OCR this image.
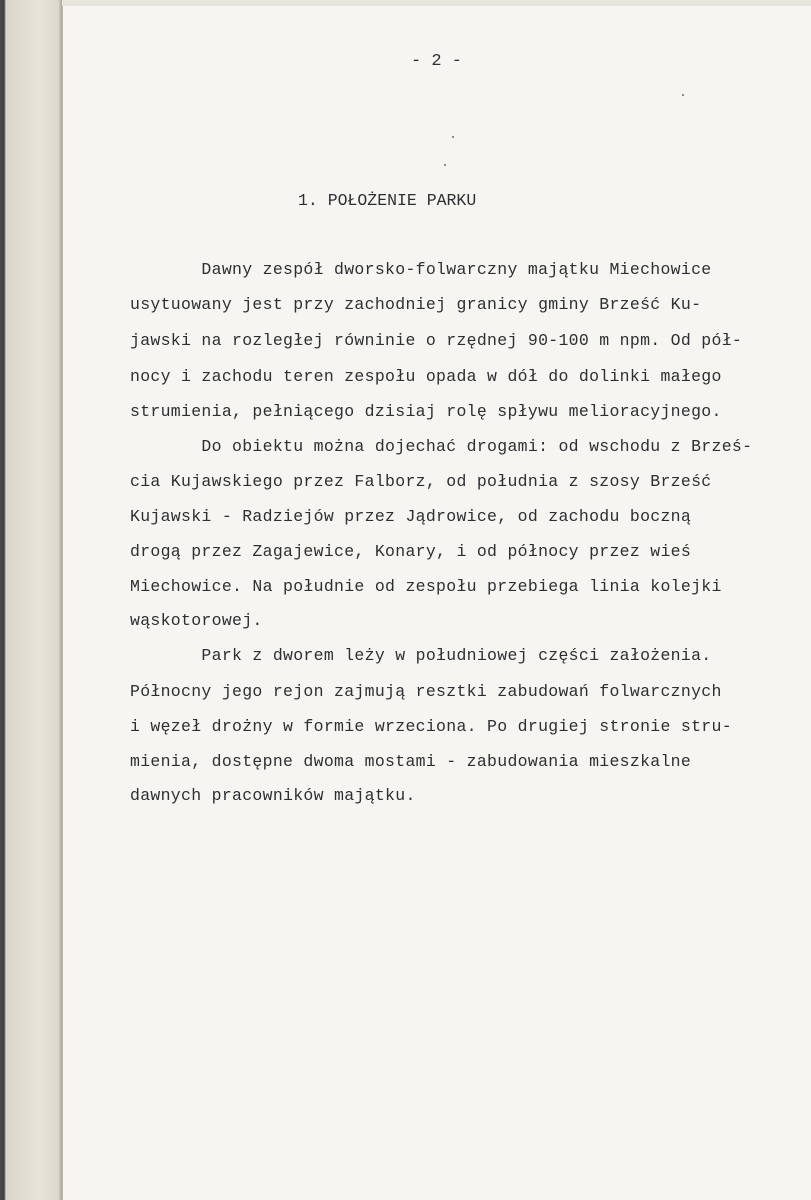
- 2 -

1. POŁOŻENIE PARKU

Dawny zespół dworsko-folwarczny majątku Miechowice

usytuowany jest przy zachodniej granicy gminy Brześć Ku-

jawski na rozległej równinie o rzędnej 90-100 m npm. Od pół-

nocy i zachodu teren zespołu opada w dół do dolinki małego

strumienia, pełniącego dzisiaj rolę spływu melioracyjnego.

Do obiektu można dojechać drogami: od wschodu z Brześ-

cia Kujawskiego przez Falborz, od południa z szosy Brześć

Kujawski - Radziejów przez Jądrowice, od zachodu boczną

drogą przez Zagajewice, Konary, i od północy przez wieś

Miechowice. Na południe od zespołu przebiega linia kolejki

wąskotorowej.

Park z dworem leży w południowej części założenia.

Północny jego rejon zajmują resztki zabudowań folwarcznych

i węzeł drożny w formie wrzeciona. Po drugiej stronie stru-

mienia, dostępne dwoma mostami - zabudowania mieszkalne

dawnych pracowników majątku.
